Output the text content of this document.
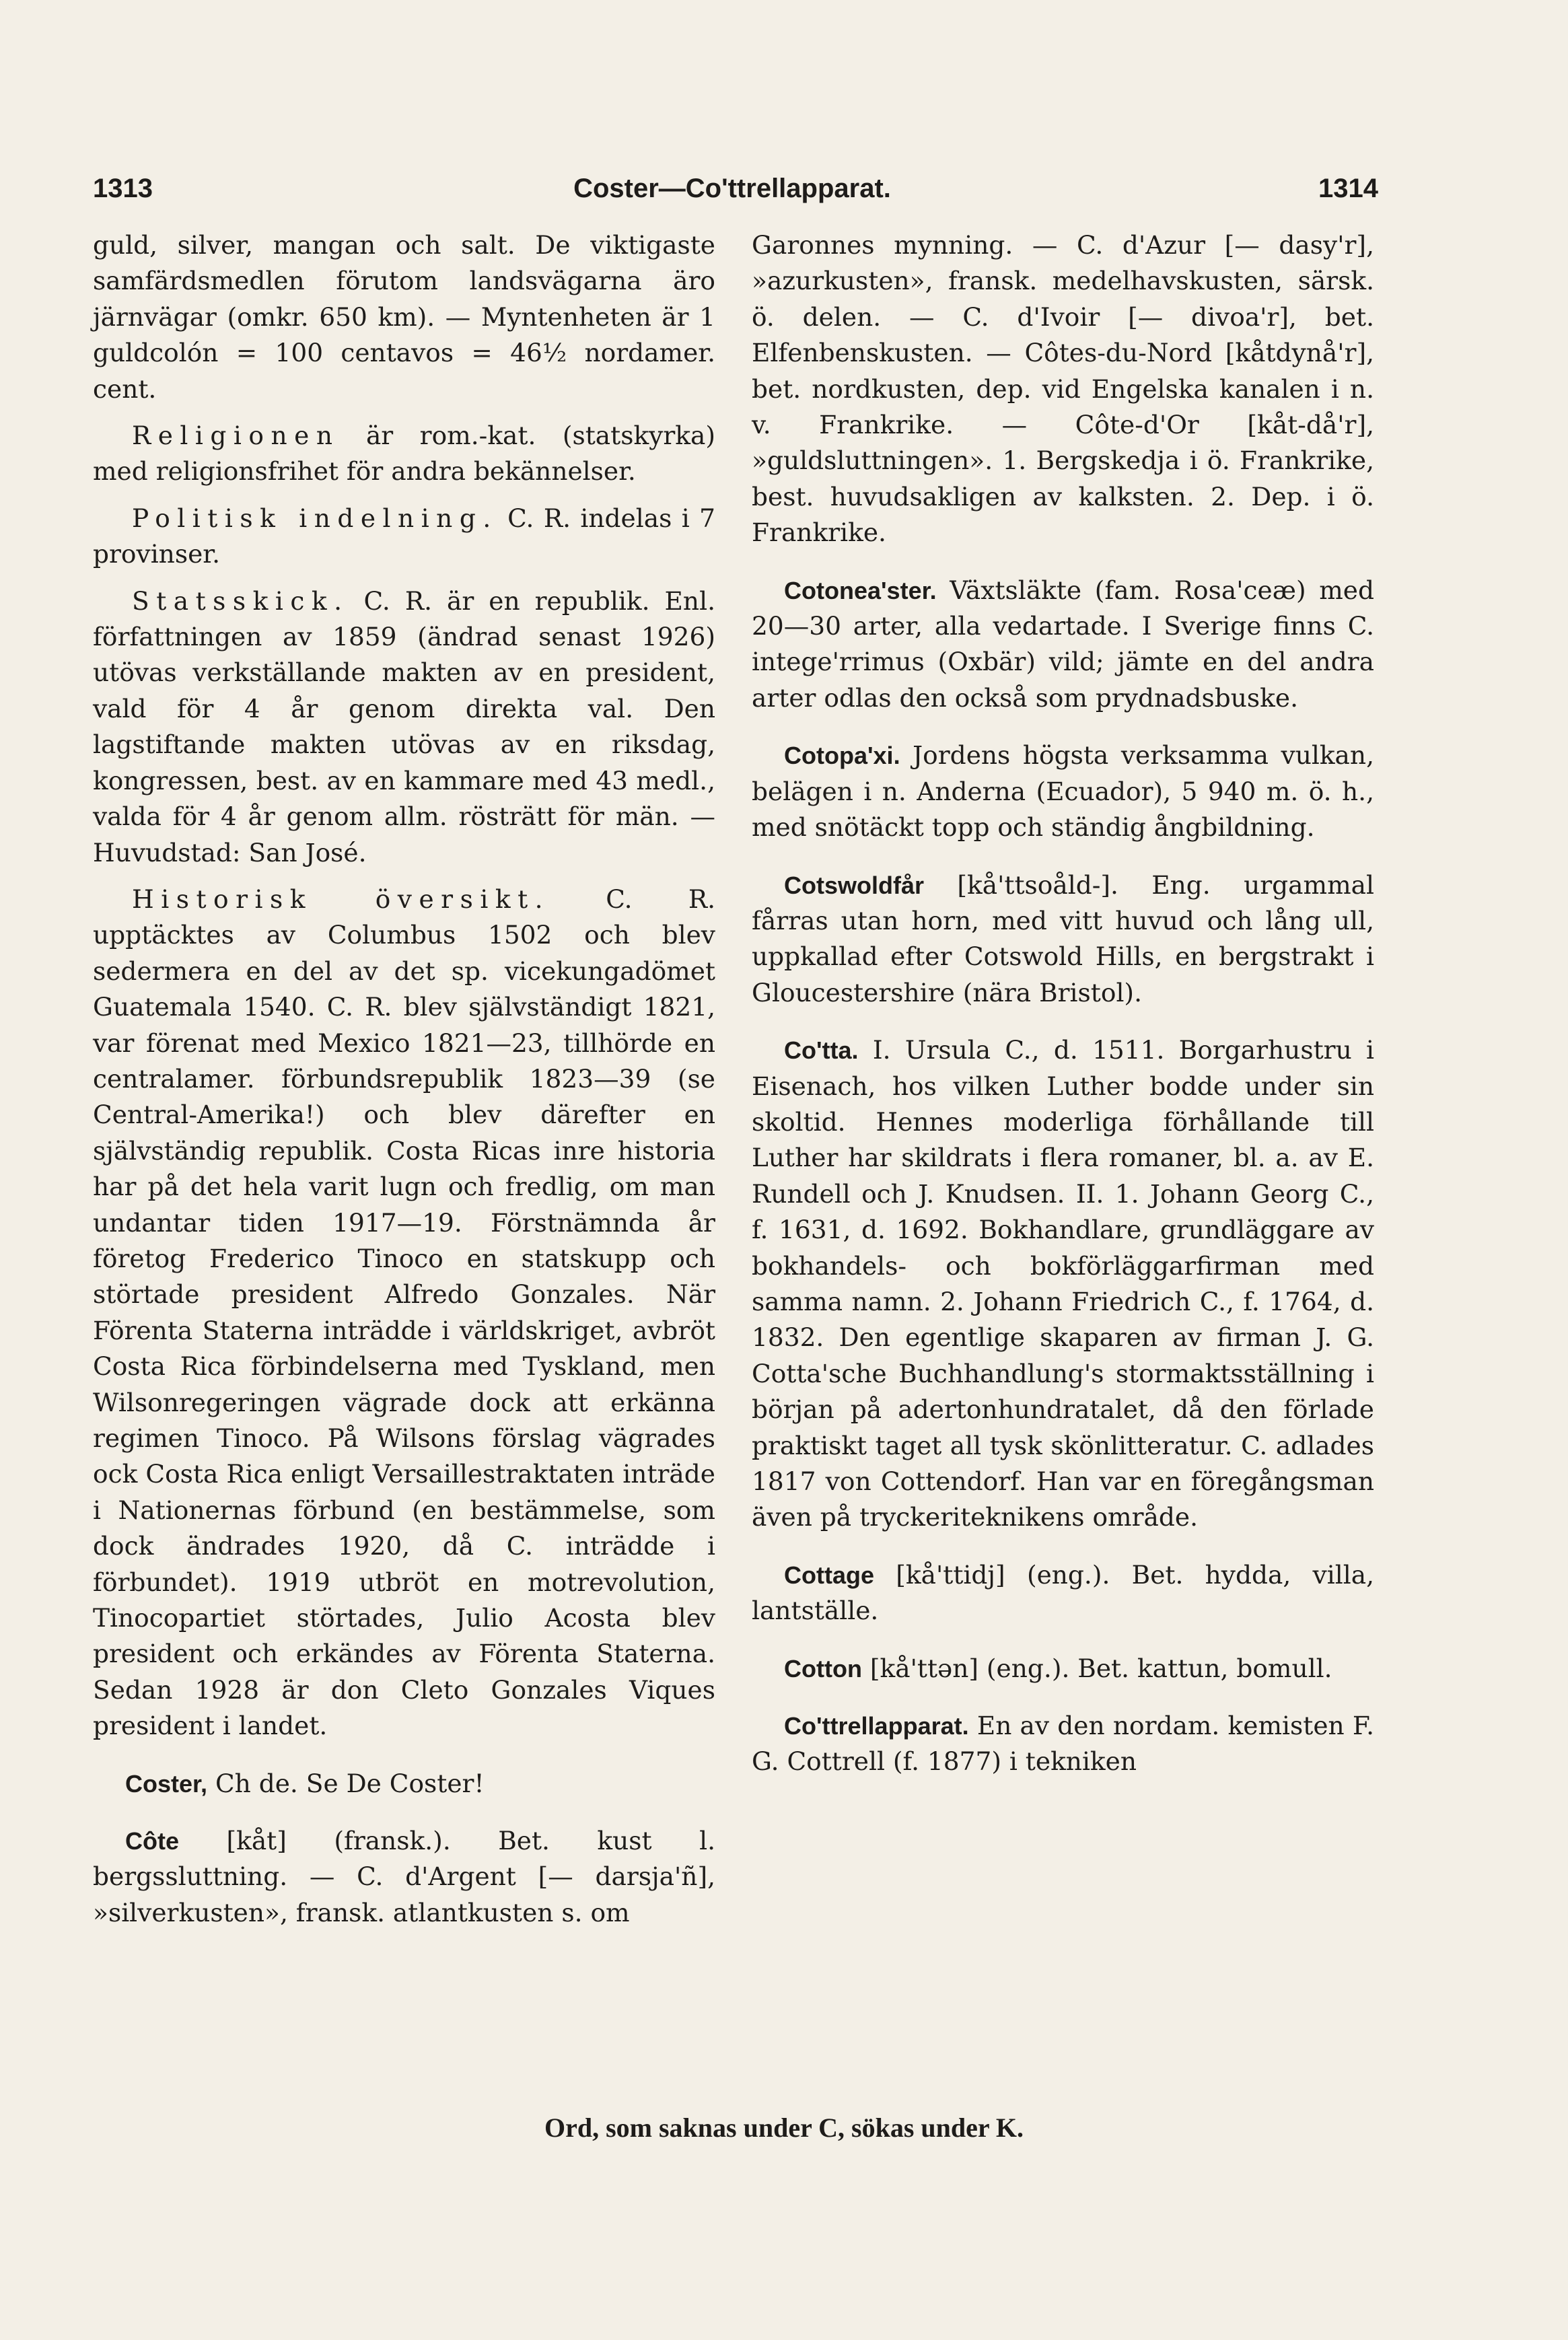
1313	Coster—Co'ttrellapparat.	1314

guld, silver, mangan och salt. De viktigaste samfärdsmedlen förutom landsvägarna äro järnvägar (omkr. 650 km). — Myntenheten är 1 guldcolón = 100 centavos = 46½ nordamer. cent.

Religionen är rom.-kat. (statskyrka) med religionsfrihet för andra bekännelser.

Politisk indelning. C. R. indelas i 7 provinser.

Statsskick. C. R. är en republik. Enl. författningen av 1859 (ändrad senast 1926) utövas verkställande makten av en president, vald för 4 år genom direkta val. Den lagstiftande makten utövas av en riksdag, kongressen, best. av en kammare med 43 medl., valda för 4 år genom allm. rösträtt för män. — Huvudstad: San José.

Historisk översikt. C. R. upptäcktes av Columbus 1502 och blev sedermera en del av det sp. vicekungadömet Guatemala 1540. C. R. blev självständigt 1821, var förenat med Mexico 1821—23, tillhörde en centralamer. förbundsrepublik 1823—39 (se Central-Amerika!) och blev därefter en självständig republik. Costa Ricas inre historia har på det hela varit lugn och fredlig, om man undantar tiden 1917—19. Förstnämnda år företog Frederico Tinoco en statskupp och störtade president Alfredo Gonzales. När Förenta Staterna inträdde i världskriget, avbröt Costa Rica förbindelserna med Tyskland, men Wilsonregeringen vägrade dock att erkänna regimen Tinoco. På Wilsons förslag vägrades ock Costa Rica enligt Versaillestraktaten inträde i Nationernas förbund (en bestämmelse, som dock ändrades 1920, då C. inträdde i förbundet). 1919 utbröt en motrevolution, Tinocopartiet störtades, Julio Acosta blev president och erkändes av Förenta Staterna. Sedan 1928 är don Cleto Gonzales Viques president i landet.

Coster, Ch de. Se De Coster!

Côte [kåt] (fransk.). Bet. kust l. bergssluttning. — C. d'Argent [— darsja'ñ], »silverkusten», fransk. atlantkusten s. om

Garonnes mynning. — C. d'Azur [— dasy'r], »azurkusten», fransk. medelhavskusten, särsk. ö. delen. — C. d'Ivoir [— divoa'r], bet. Elfenbenskusten. — Côtes-du-Nord [kåtdynå'r], bet. nordkusten, dep. vid Engelska kanalen i n. v. Frankrike. — Côte-d'Or [kåt-då'r], »guldsluttningen». 1. Bergskedja i ö. Frankrike, best. huvudsakligen av kalksten. 2. Dep. i ö. Frankrike.

Cotonea'ster. Växtsläkte (fam. Rosa'ceæ) med 20—30 arter, alla vedartade. I Sverige finns C. intege'rrimus (Oxbär) vild; jämte en del andra arter odlas den också som prydnadsbuske.

Cotopa'xi. Jordens högsta verksamma vulkan, belägen i n. Anderna (Ecuador), 5 940 m. ö. h., med snötäckt topp och ständig ångbildning.

Cotswoldfår [kå'ttsoåld-]. Eng. urgammal fårras utan horn, med vitt huvud och lång ull, uppkallad efter Cotswold Hills, en bergstrakt i Gloucestershire (nära Bristol).

Co'tta. I. Ursula C., d. 1511. Borgarhustru i Eisenach, hos vilken Luther bodde under sin skoltid. Hennes moderliga förhållande till Luther har skildrats i flera romaner, bl. a. av E. Rundell och J. Knudsen. II. 1. Johann Georg C., f. 1631, d. 1692. Bokhandlare, grundläggare av bokhandels- och bokförläggarfirman med samma namn. 2. Johann Friedrich C., f. 1764, d. 1832. Den egentlige skaparen av firman J. G. Cotta'sche Buchhandlung's stormaktsställning i början på adertonhundratalet, då den förlade praktiskt taget all tysk skönlitteratur. C. adlades 1817 von Cottendorf. Han var en föregångsman även på tryckeriteknikens område.

Cottage [kå'ttidj] (eng.). Bet. hydda, villa, lantställe.

Cotton [kå'ttən] (eng.). Bet. kattun, bomull.

Co'ttrellapparat. En av den nordam. kemisten F. G. Cottrell (f. 1877) i tekniken

Ord, som saknas under C, sökas under K.
